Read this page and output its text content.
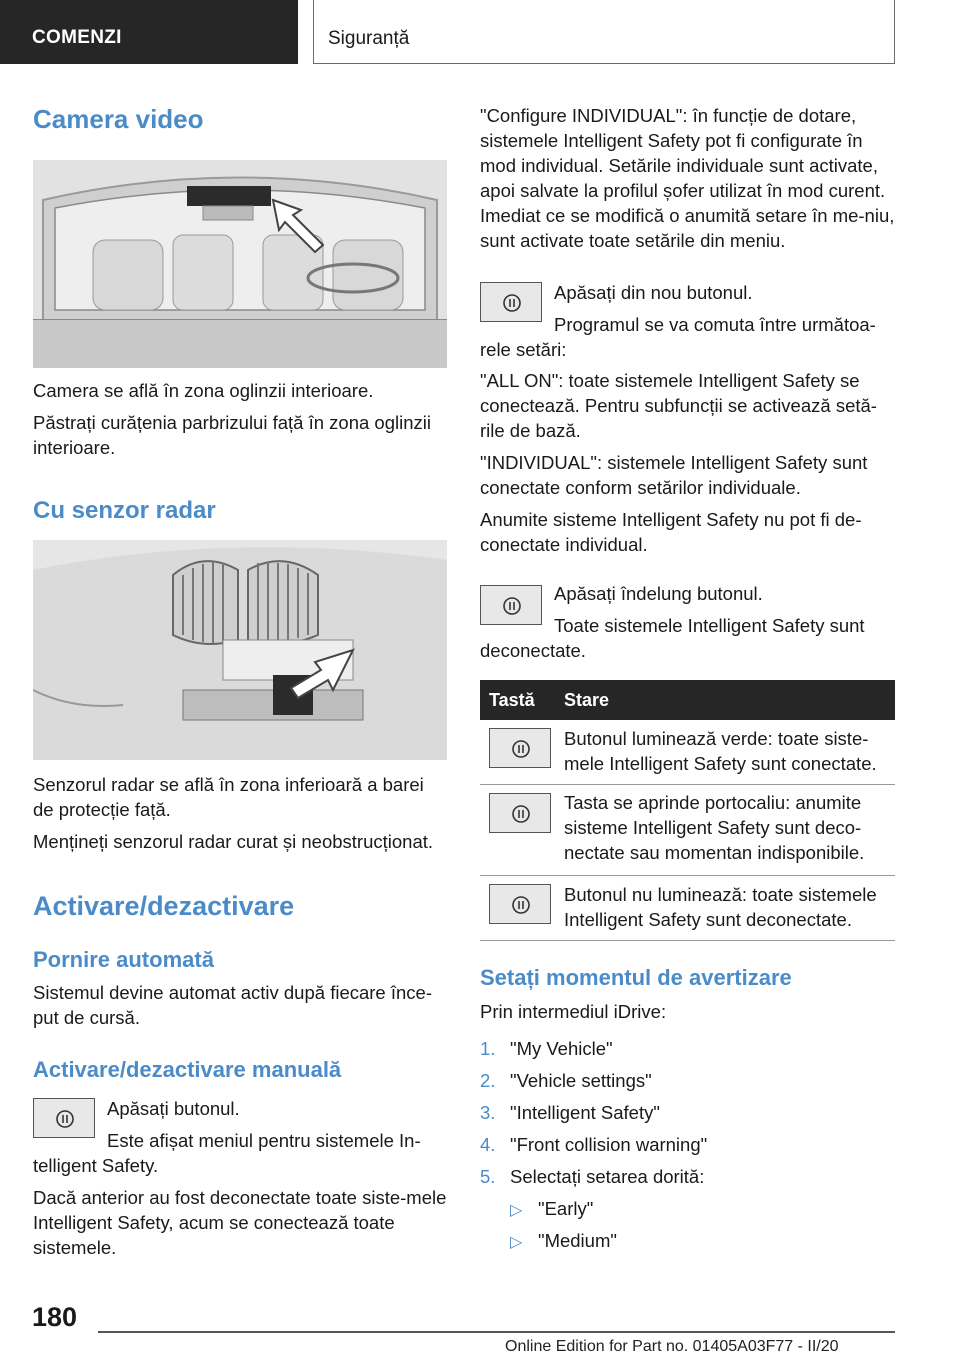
COMENZI	Siguranță
Camera video

Camera se află în zona oglinzii interioare.

Păstrați curățenia parbrizului față în zona oglinzii interioare.

Cu senzor radar

Senzorul radar se află în zona inferioară a barei de protecție față.

Mențineți senzorul radar curat și neobstrucționat.

Activare/dezactivare
Pornire automată

Sistemul devine automat activ după fiecare înce-put de cursă.

Activare/dezactivare manuală

Apăsați butonul.

Este afișat meniul pentru sistemele In-telligent Safety.

Dacă anterior au fost deconectate toate siste-mele Intelligent Safety, acum se conectează toate sistemele.

"Configure INDIVIDUAL": în funcție de dotare, sistemele Intelligent Safety pot fi configurate în mod individual. Setările individuale sunt activate, apoi salvate la profilul șofer utilizat în mod curent. Imediat ce se modifică o anumită setare în me-niu, sunt activate toate setările din meniu.

Apăsați din nou butonul.

Programul se va comuta între următoa-rele setări:

"ALL ON": toate sistemele Intelligent Safety se conectează. Pentru subfuncții se activează setă-rile de bază.

"INDIVIDUAL": sistemele Intelligent Safety sunt conectate conform setărilor individuale.

Anumite sisteme Intelligent Safety nu pot fi de-conectate individual.

Apăsați îndelung butonul.

Toate sistemele Intelligent Safety sunt deconectate.

Tastă Stare

Butonul luminează verde: toate siste-mele Intelligent Safety sunt conectate.

Tasta se aprinde portocaliu: anumite sisteme Intelligent Safety sunt deco-nectate sau momentan indisponibile.

Butonul nu luminează: toate sistemele Intelligent Safety sunt deconectate.

Setați momentul de avertizare

Prin intermediul iDrive:

1. "My Vehicle"
2. "Vehicle settings"
3. "Intelligent Safety"
4. "Front collision warning"
5. Selectați setarea dorită:
▷ "Early"
▷ "Medium"
180
Online Edition for Part no. 01405A03F77 - II/20
